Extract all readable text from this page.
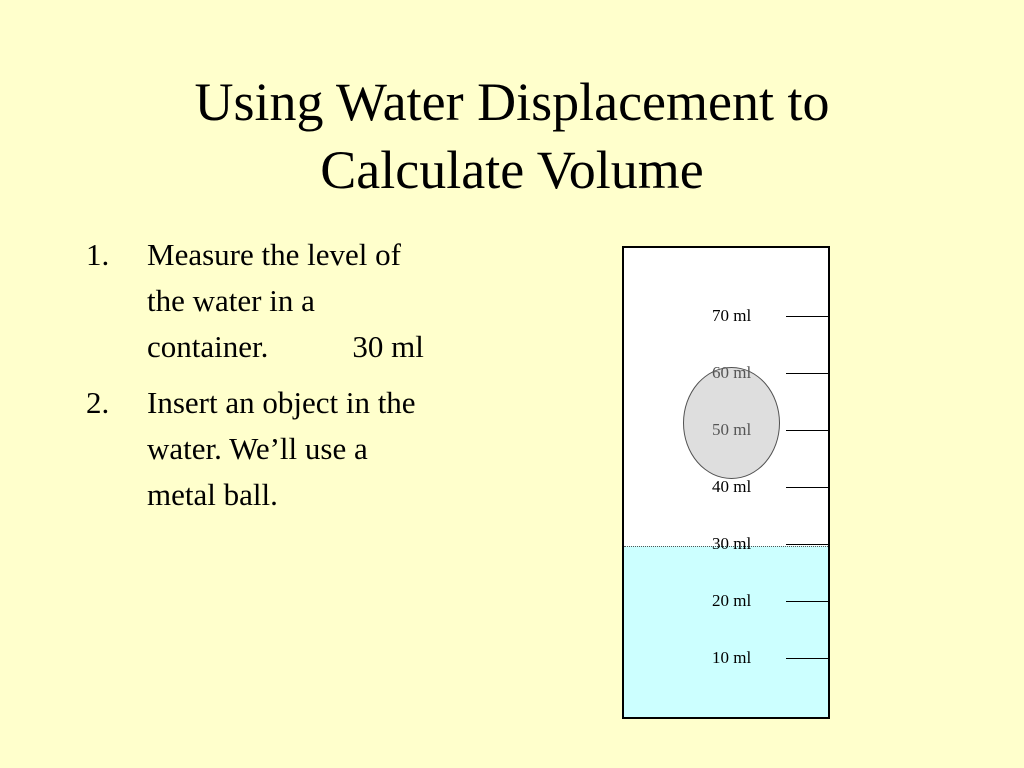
Using Water Displacement to
Calculate Volume
1. Measure the level of
the water in a
container.	30 ml
2. Insert an object in the
water. We’ll use a
metal ball.
70 ml
60 ml
50 ml
40 ml
30 ml
20 ml
10 ml
